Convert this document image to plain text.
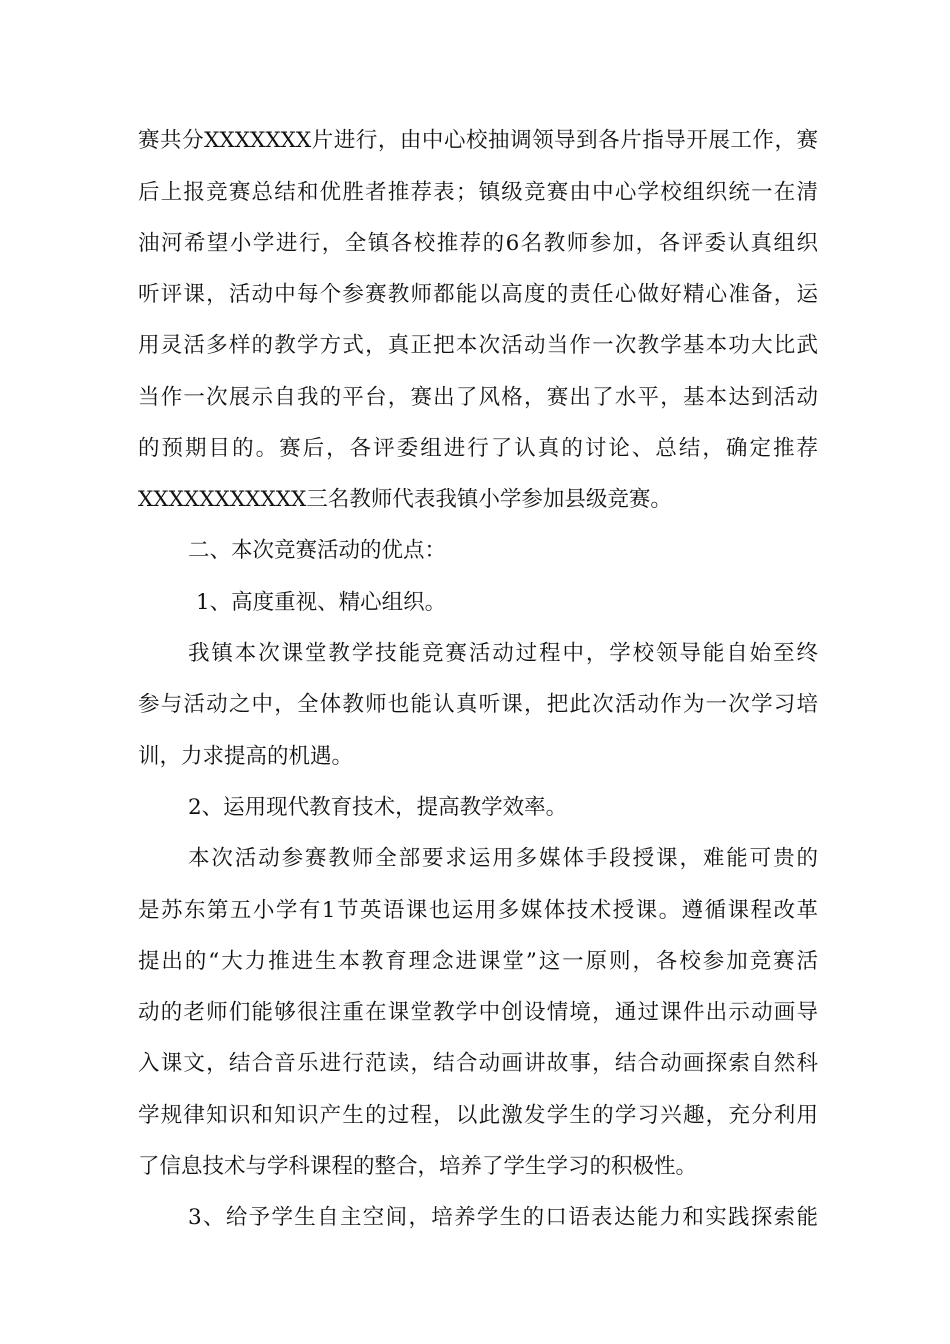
赛共分XXXXXXX片进行，由中心校抽调领导到各片指导开展工作，赛
后上报竞赛总结和优胜者推荐表；镇级竞赛由中心学校组织统一在清
油河希望小学进行，全镇各校推荐的6名教师参加，各评委认真组织
听评课，活动中每个参赛教师都能以高度的责任心做好精心准备，运
用灵活多样的教学方式，真正把本次活动当作一次教学基本功大比武
当作一次展示自我的平台，赛出了风格，赛出了水平，基本达到活动
的预期目的。赛后，各评委组进行了认真的讨论、总结，确定推荐
XXXXXXXXXXX三名教师代表我镇小学参加县级竞赛。
二、本次竞赛活动的优点：
1、高度重视、精心组织。
我镇本次课堂教学技能竞赛活动过程中，学校领导能自始至终
参与活动之中，全体教师也能认真听课，把此次活动作为一次学习培
训，力求提高的机遇。
2、运用现代教育技术，提高教学效率。
本次活动参赛教师全部要求运用多媒体手段授课，难能可贵的
是苏东第五小学有1节英语课也运用多媒体技术授课。遵循课程改革
提出的“大力推进生本教育理念进课堂”这一原则，各校参加竞赛活
动的老师们能够很注重在课堂教学中创设情境，通过课件出示动画导
入课文，结合音乐进行范读，结合动画讲故事，结合动画探索自然科
学规律知识和知识产生的过程，以此激发学生的学习兴趣，充分利用
了信息技术与学科课程的整合，培养了学生学习的积极性。
3、给予学生自主空间，培养学生的口语表达能力和实践探索能
